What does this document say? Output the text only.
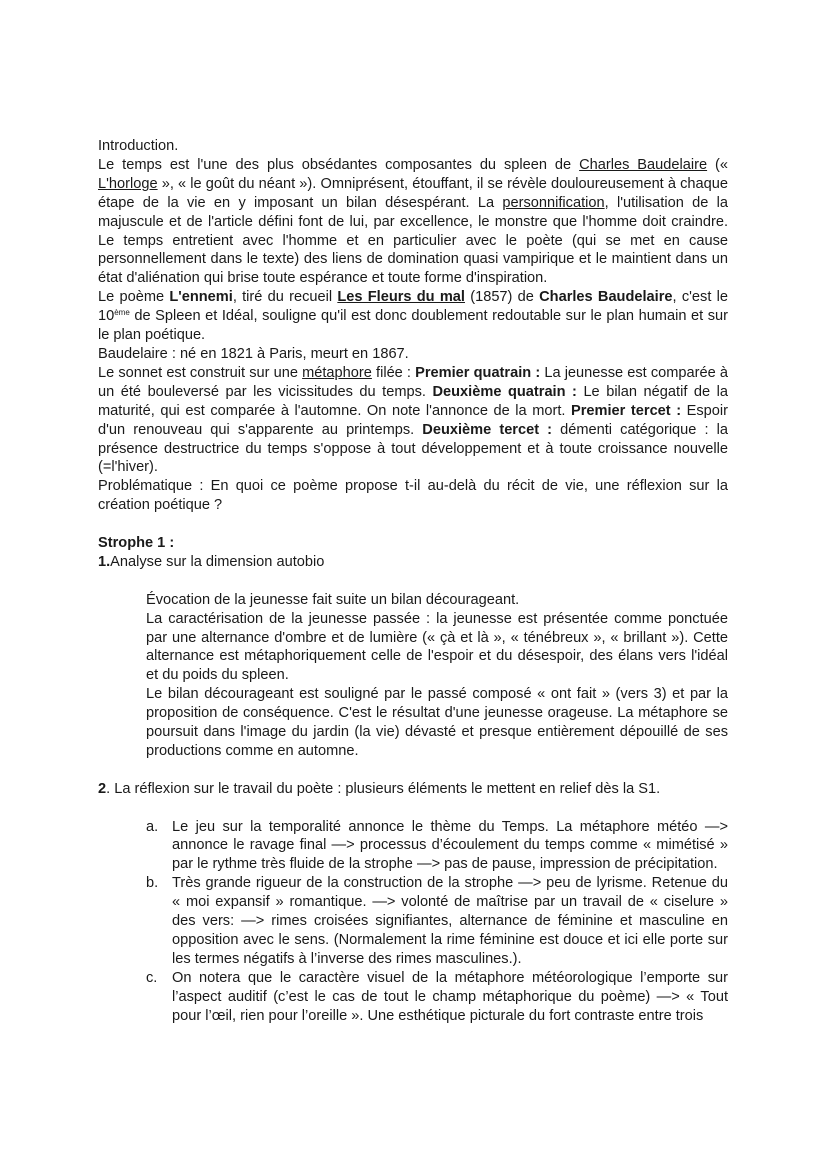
Introduction.

Le temps est l'une des plus obsédantes composantes du spleen de Charles Baudelaire (« L'horloge », « le goût du néant »). Omniprésent, étouffant, il se révèle douloureusement à chaque étape de la vie en y imposant un bilan désespérant. La personnification, l'utilisation de la majuscule et de l'article défini font de lui, par excellence, le monstre que l'homme doit craindre. Le temps entretient avec l'homme et en particulier avec le poète (qui se met en cause personnellement dans le texte) des liens de domination quasi vampirique et le maintient dans un état d'aliénation qui brise toute espérance et toute forme d'inspiration.

Le poème L'ennemi, tiré du recueil Les Fleurs du mal (1857) de Charles Baudelaire, c'est le 10ème de Spleen et Idéal, souligne qu'il est donc doublement redoutable sur le plan humain et sur le plan poétique.

Baudelaire : né en 1821 à Paris, meurt en 1867.

Le sonnet est construit sur une métaphore filée : Premier quatrain : La jeunesse est comparée à un été bouleversé par les vicissitudes du temps. Deuxième quatrain : Le bilan négatif de la maturité, qui est comparée à l'automne. On note l'annonce de la mort. Premier tercet : Espoir d'un renouveau qui s'apparente au printemps. Deuxième tercet : démenti catégorique : la présence destructrice du temps s'oppose à tout développement et à toute croissance nouvelle (=l'hiver).

Problématique : En quoi ce poème propose t-il au-delà du récit de vie, une réflexion sur la création poétique ?

Strophe 1 :

1.Analyse sur la dimension autobio

Évocation de la jeunesse fait suite un bilan décourageant.

La caractérisation de la jeunesse passée : la jeunesse est présentée comme ponctuée par une alternance d'ombre et de lumière (« çà et là », « ténébreux », « brillant »). Cette alternance est métaphoriquement celle de l'espoir et du désespoir, des élans vers l'idéal et du poids du spleen.

Le bilan décourageant est souligné par le passé composé « ont fait » (vers 3) et par la proposition de conséquence. C'est le résultat d'une jeunesse orageuse. La métaphore se poursuit dans l'image du jardin (la vie) dévasté et presque entièrement dépouillé de ses productions comme en automne.

2. La réflexion sur le travail du poète : plusieurs éléments le mettent en relief dès la S1.

a. Le jeu sur la temporalité annonce le thème du Temps. La métaphore météo —> annonce le ravage final —> processus d’écoulement du temps comme « mimétisé » par le rythme très fluide de la strophe —> pas de pause, impression de précipitation.
b. Très grande rigueur de la construction de la strophe —> peu de lyrisme. Retenue du « moi expansif » romantique. —> volonté de maîtrise par un travail de « ciselure » des vers: —> rimes croisées signifiantes, alternance de féminine et masculine en opposition avec le sens. (Normalement la rime féminine est douce et ici elle porte sur les termes négatifs à l’inverse des rimes masculines.).
c. On notera que le caractère visuel de la métaphore météorologique l’emporte sur l’aspect auditif (c’est le cas de tout le champ métaphorique du poème) —> « Tout pour l’œil, rien pour l’oreille ». Une esthétique picturale du fort contraste entre trois
